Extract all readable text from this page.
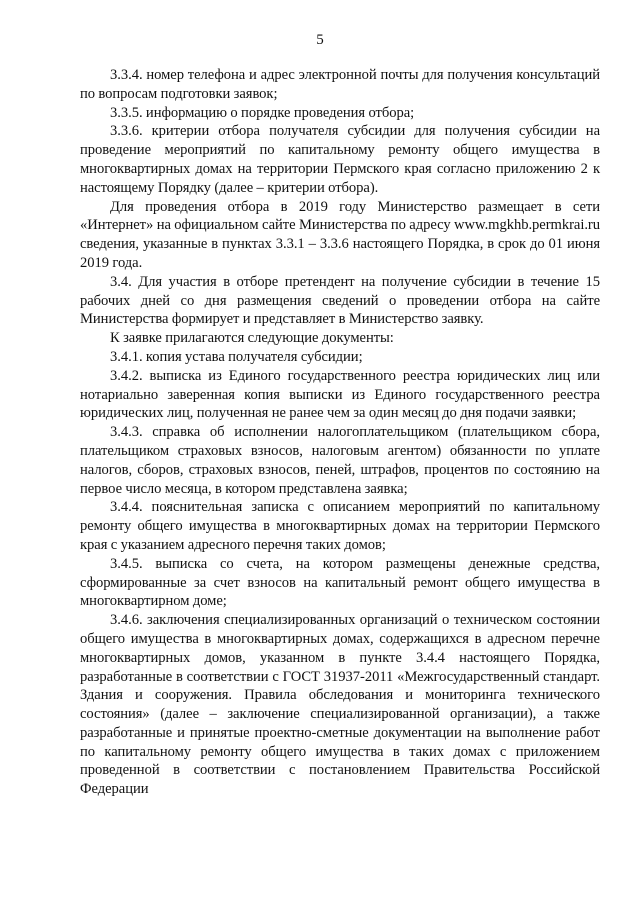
5

3.3.4. номер телефона и адрес электронной почты для получения консультаций по вопросам подготовки заявок;

3.3.5. информацию о порядке проведения отбора;

3.3.6. критерии отбора получателя субсидии для получения субсидии на проведение мероприятий по капитальному ремонту общего имущества в многоквартирных домах на территории Пермского края согласно приложению 2 к настоящему Порядку (далее – критерии отбора).

Для проведения отбора в 2019 году Министерство размещает в сети «Интернет» на официальном сайте Министерства по адресу www.mgkhb.permkrai.ru сведения, указанные в пунктах 3.3.1 – 3.3.6 настоящего Порядка, в срок до 01 июня 2019 года.

3.4. Для участия в отборе претендент на получение субсидии в течение 15 рабочих дней со дня размещения сведений о проведении отбора на сайте Министерства формирует и представляет в Министерство заявку.

К заявке прилагаются следующие документы:

3.4.1. копия устава получателя субсидии;

3.4.2. выписка из Единого государственного реестра юридических лиц или нотариально заверенная копия выписки из Единого государственного реестра юридических лиц, полученная не ранее чем за один месяц до дня подачи заявки;

3.4.3. справка об исполнении налогоплательщиком (плательщиком сбора, плательщиком страховых взносов, налоговым агентом) обязанности по уплате налогов, сборов, страховых взносов, пеней, штрафов, процентов по состоянию на первое число месяца, в котором представлена заявка;

3.4.4. пояснительная записка с описанием мероприятий по капитальному ремонту общего имущества в многоквартирных домах на территории Пермского края с указанием адресного перечня таких домов;

3.4.5. выписка со счета, на котором размещены денежные средства, сформированные за счет взносов на капитальный ремонт общего имущества в многоквартирном доме;

3.4.6. заключения специализированных организаций о техническом состоянии общего имущества в многоквартирных домах, содержащихся в адресном перечне многоквартирных домов, указанном в пункте 3.4.4 настоящего Порядка, разработанные в соответствии с ГОСТ 31937-2011 «Межгосударственный стандарт. Здания и сооружения. Правила обследования и мониторинга технического состояния» (далее – заключение специализированной организации), а также разработанные и принятые проектно-сметные документации на выполнение работ по капитальному ремонту общего имущества в таких домах с приложением проведенной в соответствии с постановлением Правительства Российской Федерации
